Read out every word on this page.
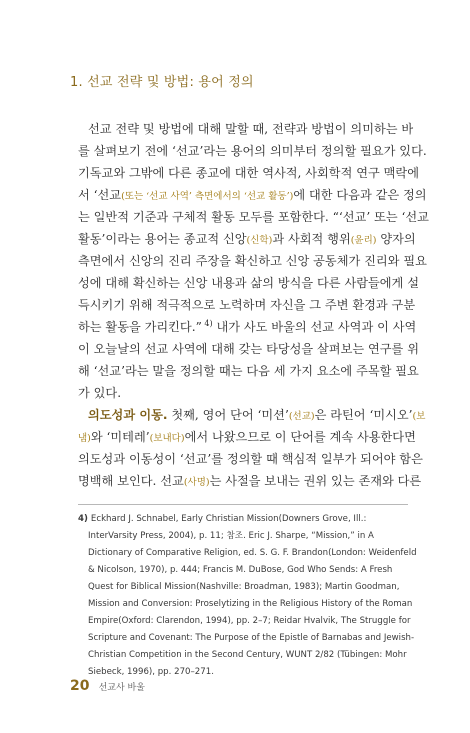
1. 선교 전략 및 방법: 용어 정의
선교 전략 및 방법에 대해 말할 때, 전략과 방법이 의미하는 바
를 살펴보기 전에 ‘선교’라는 용어의 의미부터 정의할 필요가 있다.
기독교와 그밖에 다른 종교에 대한 역사적, 사회학적 연구 맥락에
서 ‘선교(또는 ‘선교 사역’ 측면에서의 ‘선교 활동’)에 대한 다음과 같은 정의
는 일반적 기준과 구체적 활동 모두를 포함한다. “‘선교’ 또는 ‘선교
활동’이라는 용어는 종교적 신앙(신학)과 사회적 행위(윤리) 양자의
측면에서 신앙의 진리 주장을 확신하고 신앙 공동체가 진리와 필요
성에 대해 확신하는 신앙 내용과 삶의 방식을 다른 사람들에게 설
득시키기 위해 적극적으로 노력하며 자신을 그 주변 환경과 구분
하는 활동을 가리킨다.” $^{4)}$ 내가 사도 바울의 선교 사역과 이 사역
이 오늘날의 선교 사역에 대해 갖는 타당성을 살펴보는 연구를 위
해 ‘선교’라는 말을 정의할 때는 다음 세 가지 요소에 주목할 필요
가 있다.
의도성과 이동. 첫째, 영어 단어 ‘미션’(선교)은 라틴어 ‘미시오’(보
냄)와 ‘미테레’(보내다)에서 나왔으므로 이 단어를 계속 사용한다면
의도성과 이동성이 ‘선교’를 정의할 때 핵심적 일부가 되어야 함은
명백해 보인다. 선교(사명)는 사절을 보내는 권위 있는 존재와 다른
4) Eckhard J. Schnabel, Early Christian Mission(Downers Grove, Ill.:
InterVarsity Press, 2004), p. 11; 참조. Eric J. Sharpe, “Mission,” in A
Dictionary of Comparative Religion, ed. S. G. F. Brandon(London: Weidenfeld
& Nicolson, 1970), p. 444; Francis M. DuBose, God Who Sends: A Fresh
Quest for Biblical Mission(Nashville: Broadman, 1983); Martin Goodman,
Mission and Conversion: Proselytizing in the Religious History of the Roman
Empire(Oxford: Clarendon, 1994), pp. 2–7; Reidar Hvalvik, The Struggle for
Scripture and Covenant: The Purpose of the Epistle of Barnabas and Jewish-
Christian Competition in the Second Century, WUNT 2/82 (Tübingen: Mohr
Siebeck, 1996), pp. 270–271.
20 선교사 바울
